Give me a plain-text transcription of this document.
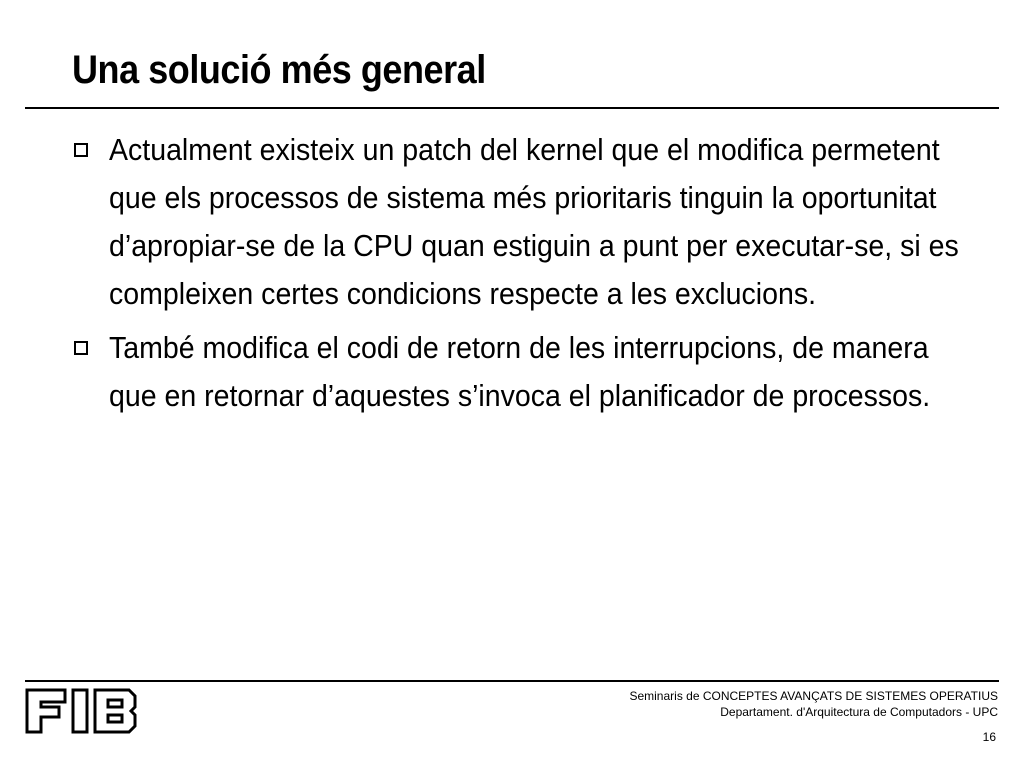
Una solució més general
Actualment existeix un patch del kernel que el modifica permetent que els processos de sistema més prioritaris tinguin la oportunitat d’apropiar-se de la CPU quan estiguin a punt per executar-se, si es compleixen certes condicions respecte a les exclucions.
També modifica el codi de retorn de les interrupcions, de manera que en retornar d’aquestes s’invoca el planificador de processos.
Seminaris de CONCEPTES AVANÇATS DE SISTEMES OPERATIUS
Departament. d'Arquitectura de Computadors - UPC
16
